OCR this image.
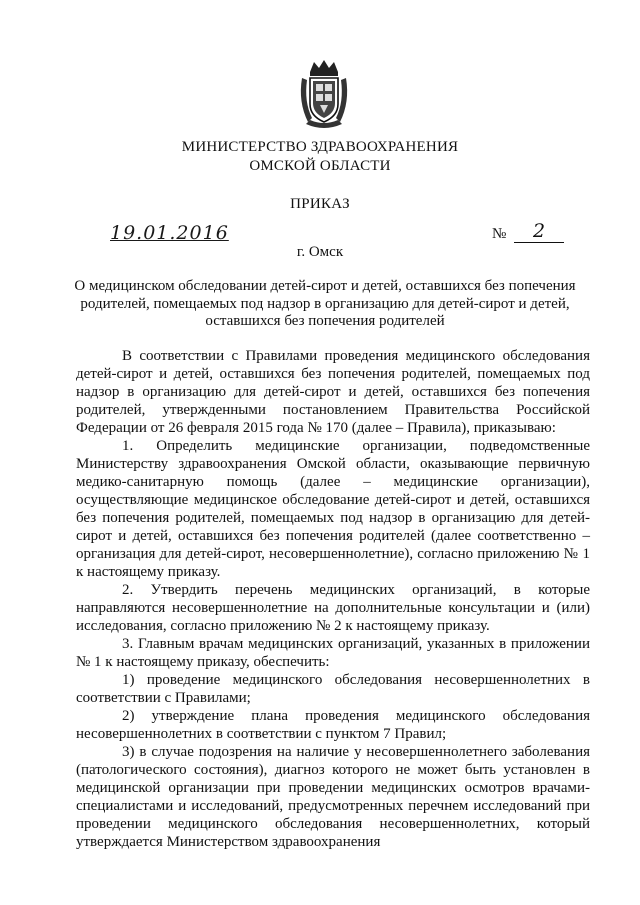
МИНИСТЕРСТВО ЗДРАВООХРАНЕНИЯ
ОМСКОЙ ОБЛАСТИ
ПРИКАЗ
19.01.2016	№	2
г. Омск
О медицинском обследовании детей-сирот и детей, оставшихся без попечения родителей, помещаемых под надзор в организацию для детей-сирот и детей, оставшихся без попечения родителей

В соответствии с Правилами проведения медицинского обследования детей-сирот и детей, оставшихся без попечения родителей, помещаемых под надзор в организацию для детей-сирот и детей, оставшихся без попечения родителей, утвержденными постановлением Правительства Российской Федерации от 26 февраля 2015 года № 170 (далее – Правила), приказываю:

1. Определить медицинские организации, подведомственные Министерству здравоохранения Омской области, оказывающие первичную медико-санитарную помощь (далее – медицинские организации), осуществляющие медицинское обследование детей-сирот и детей, оставшихся без попечения родителей, помещаемых под надзор в организацию для детей-сирот и детей, оставшихся без попечения родителей (далее соответственно – организация для детей-сирот, несовершеннолетние), согласно приложению № 1 к настоящему приказу.

2. Утвердить перечень медицинских организаций, в которые направляются несовершеннолетние на дополнительные консультации и (или) исследования, согласно приложению № 2 к настоящему приказу.

3. Главным врачам медицинских организаций, указанных в приложении № 1 к настоящему приказу, обеспечить:

1) проведение медицинского обследования несовершеннолетних в соответствии с Правилами;

2) утверждение плана проведения медицинского обследования несовершеннолетних в соответствии с пунктом 7 Правил;

3) в случае подозрения на наличие у несовершеннолетнего заболевания (патологического состояния), диагноз которого не может быть установлен в медицинской организации при проведении медицинских осмотров врачами-специалистами и исследований, предусмотренных перечнем исследований при проведении медицинского обследования несовершеннолетних, который утверждается Министерством здравоохранения
